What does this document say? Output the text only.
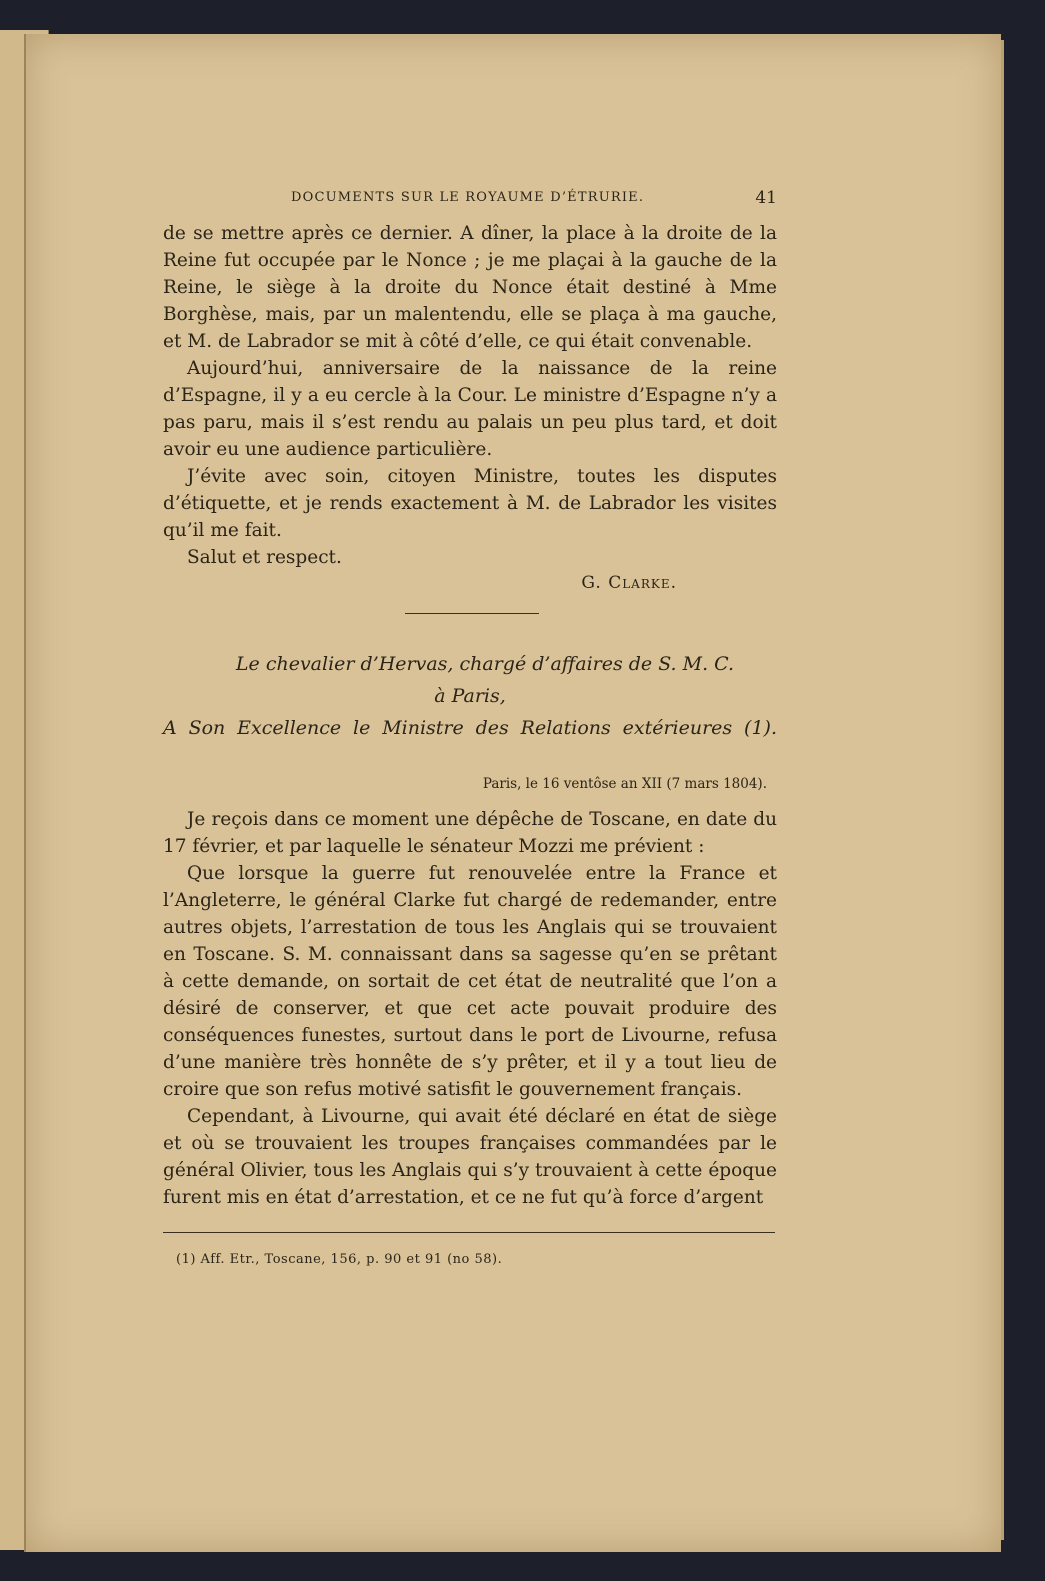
DOCUMENTS SUR LE ROYAUME D’ÉTRURIE.	41

de se mettre après ce dernier. A dîner, la place à la droite de la Reine fut occupée par le Nonce ; je me plaçai à la gauche de la Reine, le siège à la droite du Nonce était destiné à Mme Borghèse, mais, par un malentendu, elle se plaça à ma gauche, et M. de Labrador se mit à côté d’elle, ce qui était convenable.

Aujourd’hui, anniversaire de la naissance de la reine d’Espagne, il y a eu cercle à la Cour. Le ministre d’Espagne n’y a pas paru, mais il s’est rendu au palais un peu plus tard, et doit avoir eu une audience particulière.

J’évite avec soin, citoyen Ministre, toutes les disputes d’étiquette, et je rends exactement à M. de Labrador les visites qu’il me fait.

Salut et respect.

G. Clarke.
Le chevalier d’Hervas, chargé d’affaires de S. M. C.
à Paris,
A Son Excellence le Ministre des Relations extérieures (1).
Paris, le 16 ventôse an XII (7 mars 1804).

Je reçois dans ce moment une dépêche de Toscane, en date du 17 février, et par laquelle le sénateur Mozzi me prévient :

Que lorsque la guerre fut renouvelée entre la France et l’Angleterre, le général Clarke fut chargé de redemander, entre autres objets, l’arrestation de tous les Anglais qui se trouvaient en Toscane. S. M. connaissant dans sa sagesse qu’en se prêtant à cette demande, on sortait de cet état de neutralité que l’on a désiré de conserver, et que cet acte pouvait produire des conséquences funestes, surtout dans le port de Livourne, refusa d’une manière très honnête de s’y prêter, et il y a tout lieu de croire que son refus motivé satisfit le gouvernement français.

Cependant, à Livourne, qui avait été déclaré en état de siège et où se trouvaient les troupes françaises commandées par le général Olivier, tous les Anglais qui s’y trouvaient à cette époque furent mis en état d’arrestation, et ce ne fut qu’à force d’argent

(1) Aff. Etr., Toscane, 156, p. 90 et 91 (no 58).
